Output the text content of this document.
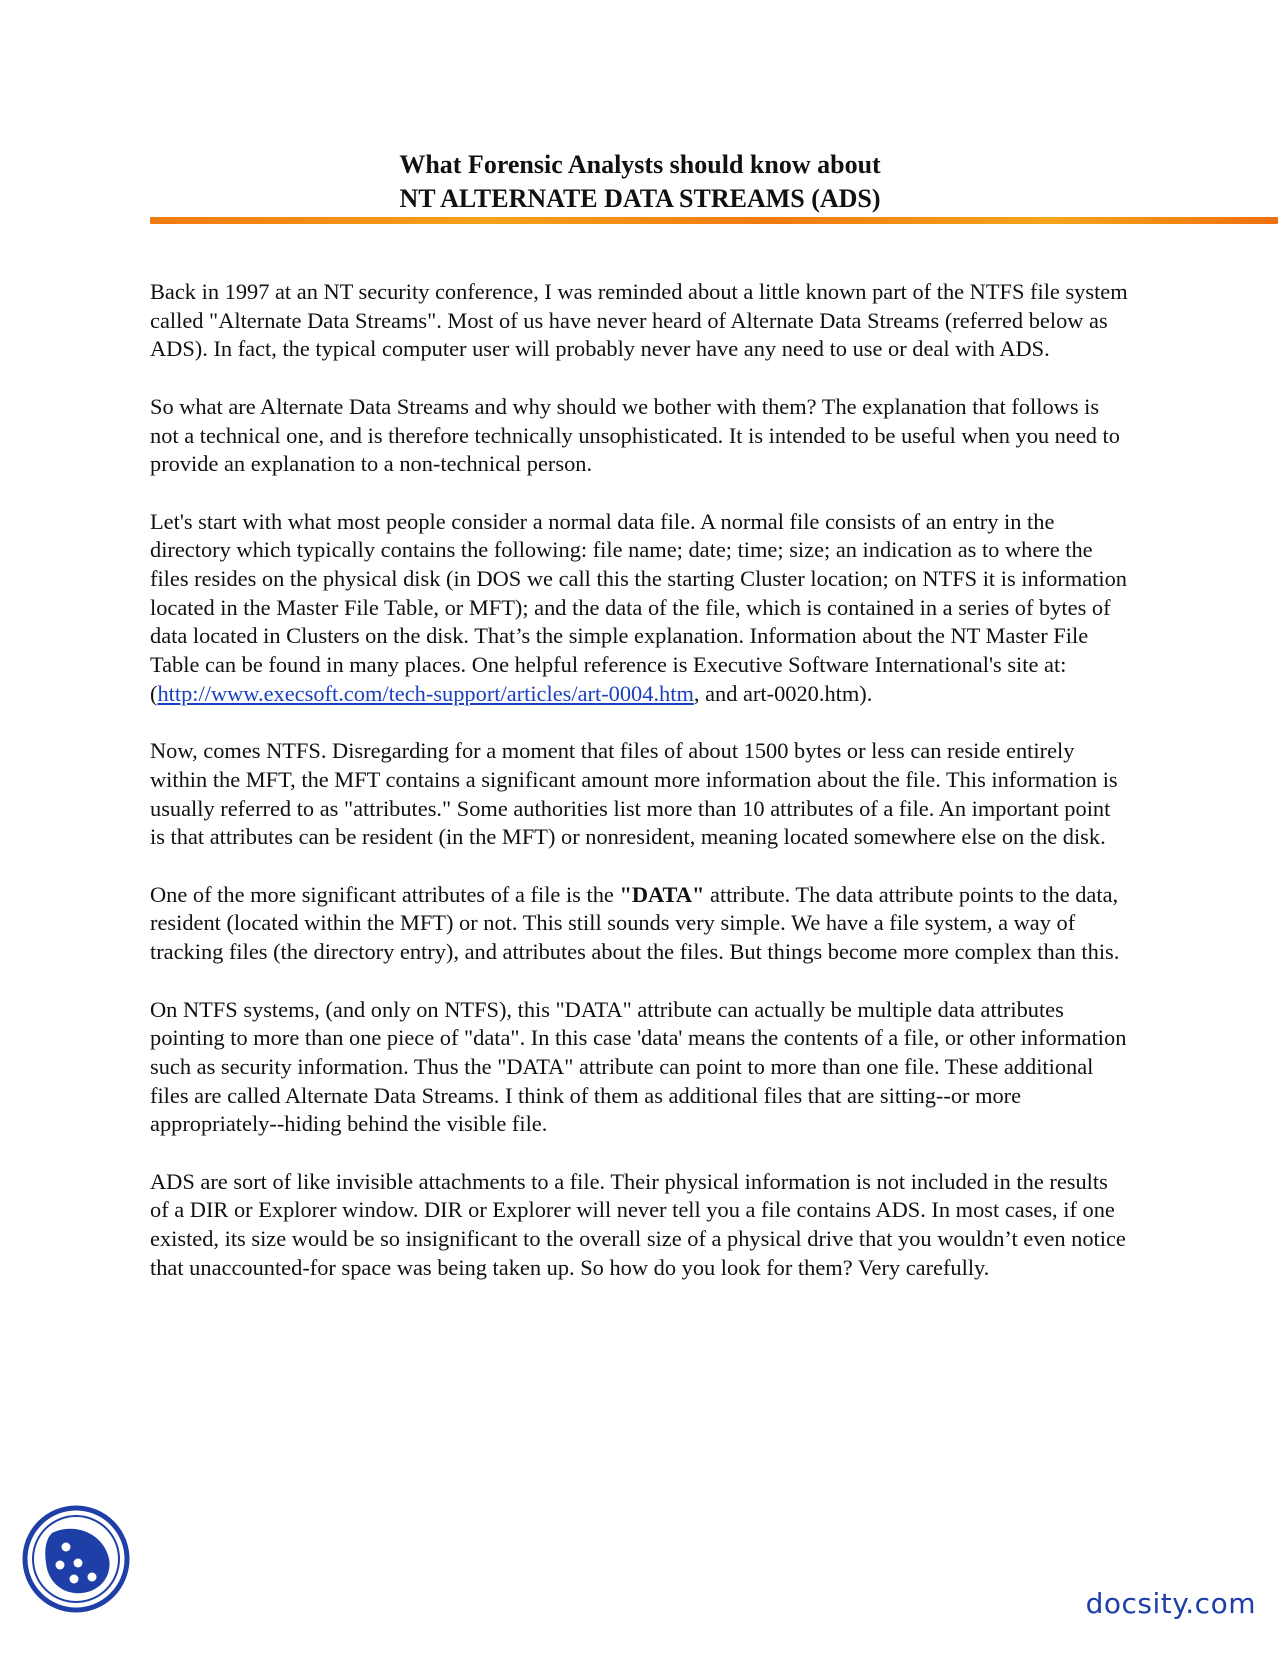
What Forensic Analysts should know about
NT ALTERNATE DATA STREAMS (ADS)

Back in 1997 at an NT security conference, I was reminded about a little known part of the NTFS file system called "Alternate Data Streams". Most of us have never heard of Alternate Data Streams (referred below as ADS). In fact, the typical computer user will probably never have any need to use or deal with ADS.

So what are Alternate Data Streams and why should we bother with them? The explanation that follows is not a technical one, and is therefore technically unsophisticated. It is intended to be useful when you need to provide an explanation to a non-technical person.

Let's start with what most people consider a normal data file. A normal file consists of an entry in the directory which typically contains the following: file name; date; time; size; an indication as to where the files resides on the physical disk (in DOS we call this the starting Cluster location; on NTFS it is information located in the Master File Table, or MFT); and the data of the file, which is contained in a series of bytes of data located in Clusters on the disk. That’s the simple explanation. Information about the NT Master File Table can be found in many places. One helpful reference is Executive Software International's site at:
(http://www.execsoft.com/tech-support/articles/art-0004.htm, and art-0020.htm).

Now, comes NTFS. Disregarding for a moment that files of about 1500 bytes or less can reside entirely within the MFT, the MFT contains a significant amount more information about the file. This information is usually referred to as "attributes." Some authorities list more than 10 attributes of a file. An important point is that attributes can be resident (in the MFT) or nonresident, meaning located somewhere else on the disk.

One of the more significant attributes of a file is the "DATA" attribute. The data attribute points to the data, resident (located within the MFT) or not. This still sounds very simple. We have a file system, a way of tracking files (the directory entry), and attributes about the files. But things become more complex than this.

On NTFS systems, (and only on NTFS), this "DATA" attribute can actually be multiple data attributes pointing to more than one piece of "data". In this case 'data' means the contents of a file, or other information such as security information. Thus the "DATA" attribute can point to more than one file. These additional files are called Alternate Data Streams. I think of them as additional files that are sitting--or more appropriately--hiding behind the visible file.

ADS are sort of like invisible attachments to a file. Their physical information is not included in the results of a DIR or Explorer window. DIR or Explorer will never tell you a file contains ADS. In most cases, if one existed, its size would be so insignificant to the overall size of a physical drive that you wouldn’t even notice that unaccounted-for space was being taken up. So how do you look for them? Very carefully.

docsity.com
